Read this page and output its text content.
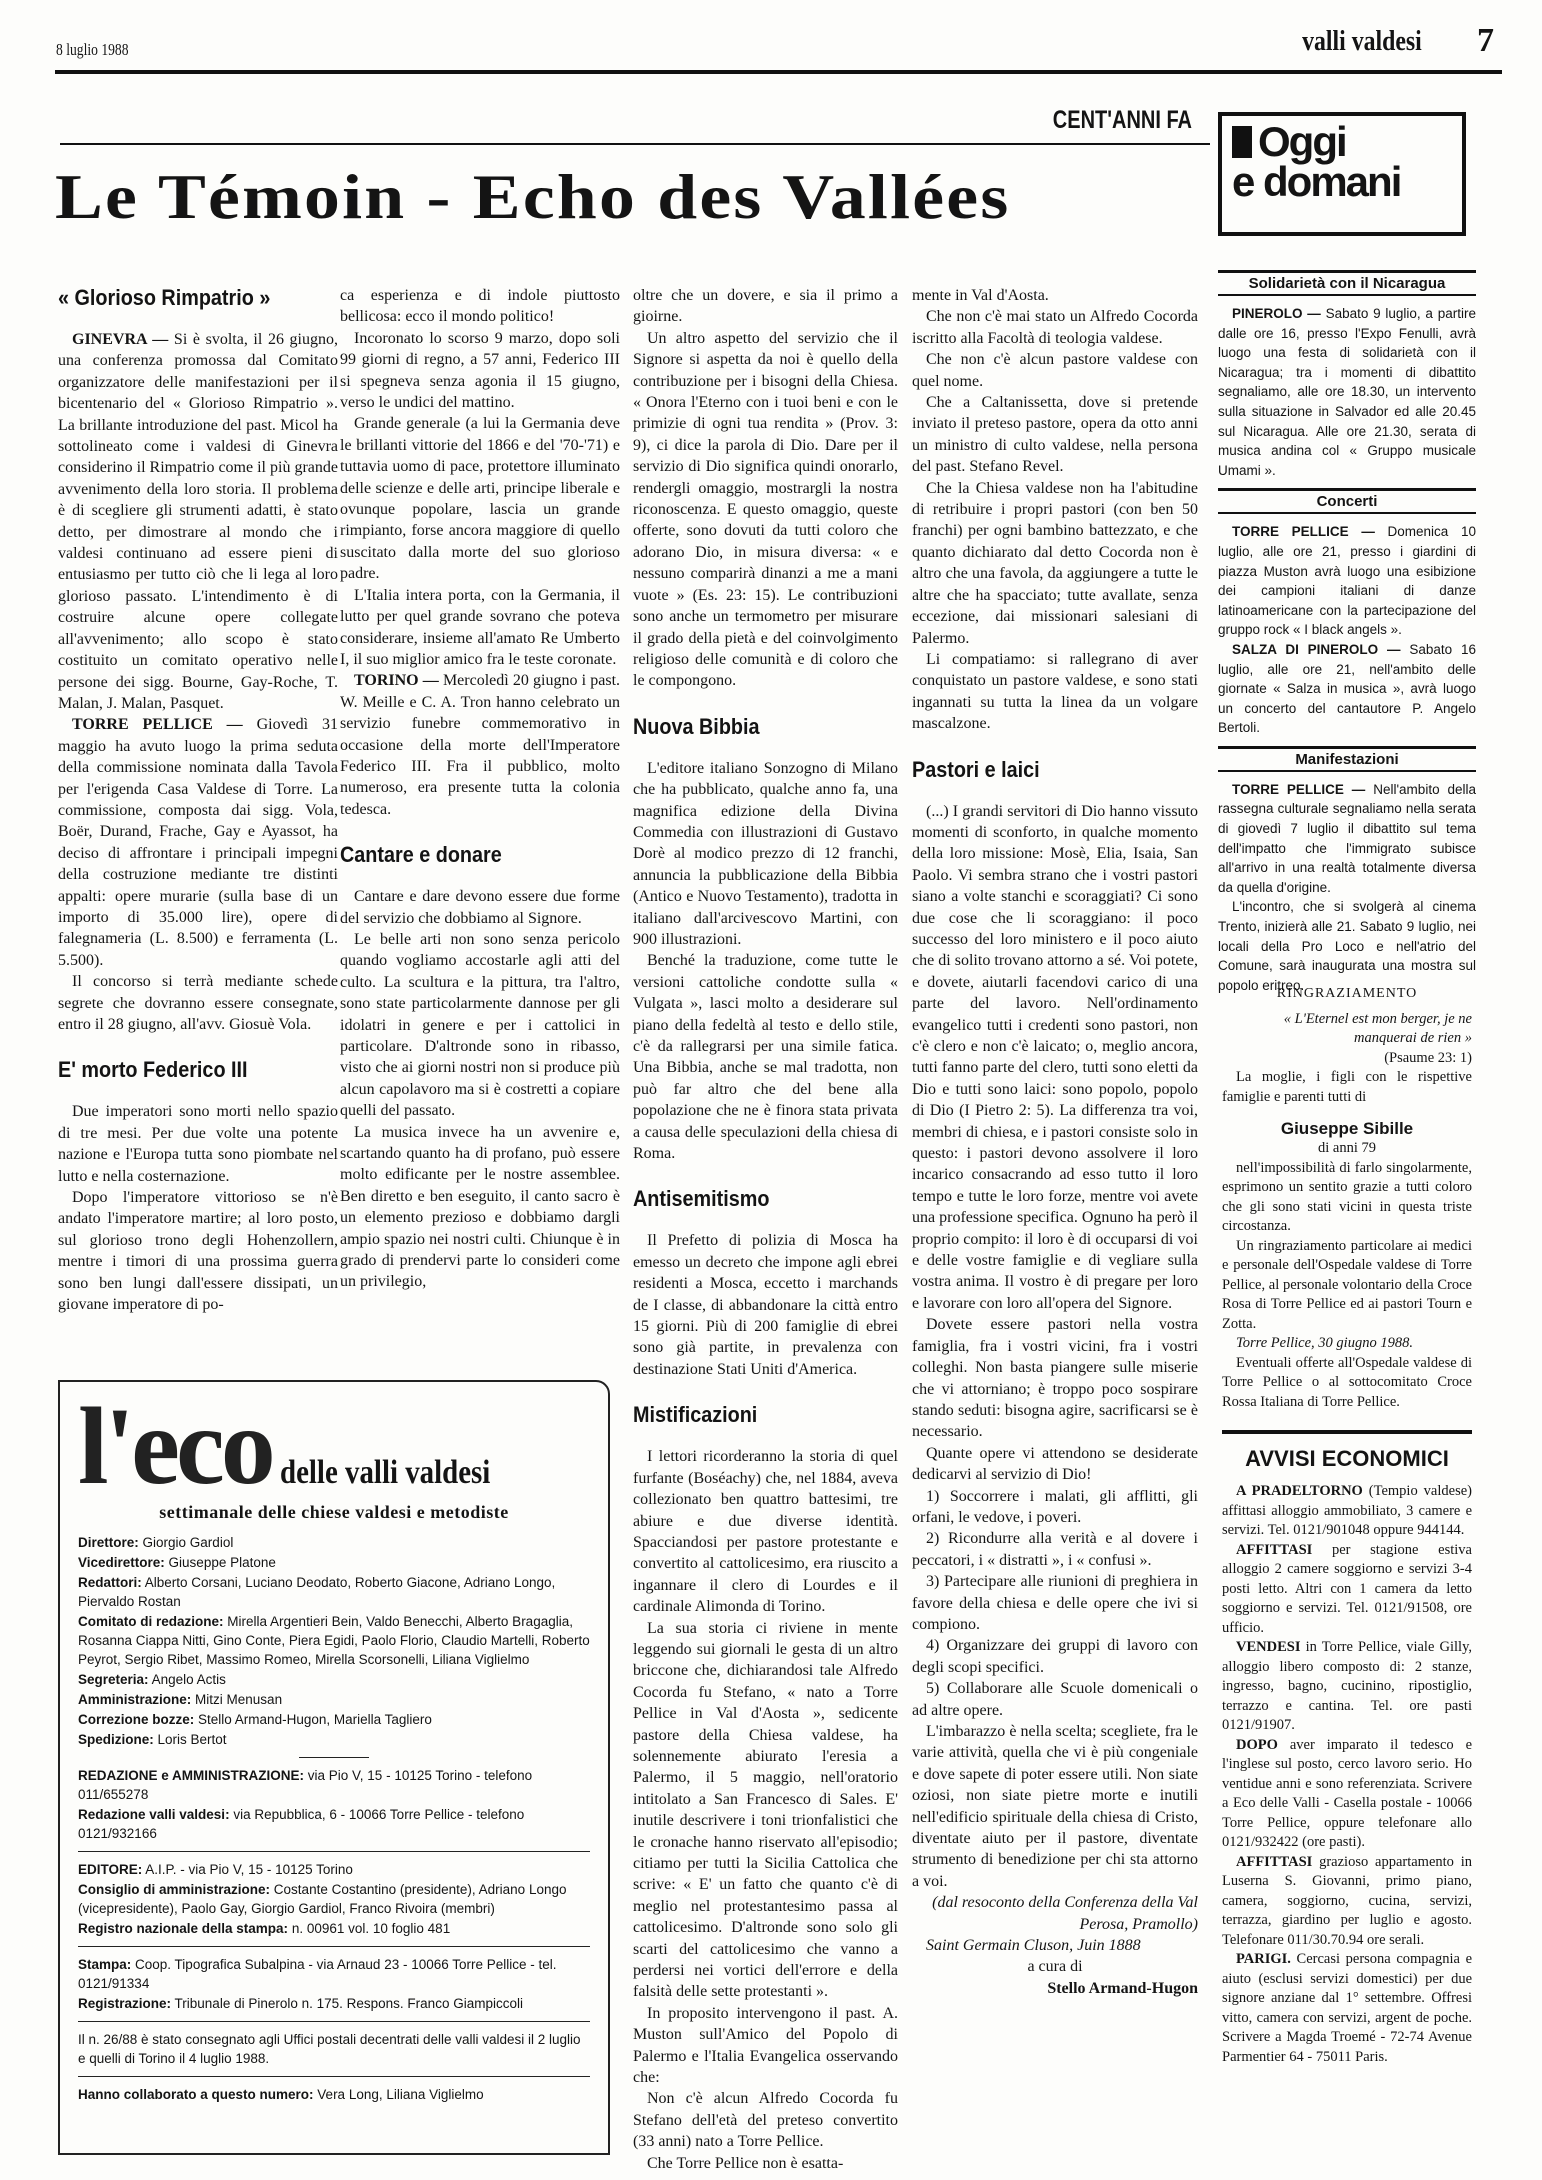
8 luglio 1988	valli valdesi 7
CENT'ANNI FA
Le Témoin - Echo des Vallées
Oggi
e domani
« Glorioso Rimpatrio »

GINEVRA — Si è svolta, il 26 giugno, una conferenza promossa dal Comitato organizzatore delle manifestazioni per il bicentenario del « Glorioso Rimpatrio ». La brillante introduzione del past. Micol ha sottolineato come i valdesi di Ginevra considerino il Rimpatrio come il più grande avvenimento della loro storia. Il problema è di scegliere gli strumenti adatti, è stato detto, per dimostrare al mondo che i valdesi continuano ad essere pieni di entusiasmo per tutto ciò che li lega al loro glorioso passato. L'intendimento è di costruire alcune opere collegate all'avvenimento; allo scopo è stato costituito un comitato operativo nelle persone dei sigg. Bourne, Gay-Roche, T. Malan, J. Malan, Pasquet.

TORRE PELLICE — Giovedì 31 maggio ha avuto luogo la prima seduta della commissione nominata dalla Tavola per l'erigenda Casa Valdese di Torre. La commissione, composta dai sigg. Vola, Boër, Durand, Frache, Gay e Ayassot, ha deciso di affrontare i principali impegni della costruzione mediante tre distinti appalti: opere murarie (sulla base di un importo di 35.000 lire), opere di falegnameria (L. 8.500) e ferramenta (L. 5.500).

Il concorso si terrà mediante schede segrete che dovranno essere consegnate, entro il 28 giugno, all'avv. Giosuè Vola.

E' morto Federico III

Due imperatori sono morti nello spazio di tre mesi. Per due volte una potente nazione e l'Europa tutta sono piombate nel lutto e nella costernazione.

Dopo l'imperatore vittorioso se n'è andato l'imperatore martire; al loro posto, sul glorioso trono degli Hohenzollern, mentre i timori di una prossima guerra sono ben lungi dall'essere dissipati, un giovane imperatore di po-

ca esperienza e di indole piuttosto bellicosa: ecco il mondo politico!

Incoronato lo scorso 9 marzo, dopo soli 99 giorni di regno, a 57 anni, Federico III si spegneva senza agonia il 15 giugno, verso le undici del mattino.

Grande generale (a lui la Germania deve le brillanti vittorie del 1866 e del '70-'71) e tuttavia uomo di pace, protettore illuminato delle scienze e delle arti, principe liberale e ovunque popolare, lascia un grande rimpianto, forse ancora maggiore di quello suscitato dalla morte del suo glorioso padre.

L'Italia intera porta, con la Germania, il lutto per quel grande sovrano che poteva considerare, insieme all'amato Re Umberto I, il suo miglior amico fra le teste coronate.

TORINO — Mercoledì 20 giugno i past. W. Meille e C. A. Tron hanno celebrato un servizio funebre commemorativo in occasione della morte dell'Imperatore Federico III. Fra il pubblico, molto numeroso, era presente tutta la colonia tedesca.

Cantare e donare

Cantare e dare devono essere due forme del servizio che dobbiamo al Signore.

Le belle arti non sono senza pericolo quando vogliamo accostarle agli atti del culto. La scultura e la pittura, tra l'altro, sono state particolarmente dannose per gli idolatri in genere e per i cattolici in particolare. D'altronde sono in ribasso, visto che ai giorni nostri non si produce più alcun capolavoro ma si è costretti a copiare quelli del passato.

La musica invece ha un avvenire e, scartando quanto ha di profano, può essere molto edificante per le nostre assemblee. Ben diretto e ben eseguito, il canto sacro è un elemento prezioso e dobbiamo dargli ampio spazio nei nostri culti. Chiunque è in grado di prendervi parte lo consideri come un privilegio,

oltre che un dovere, e sia il primo a gioirne.

Un altro aspetto del servizio che il Signore si aspetta da noi è quello della contribuzione per i bisogni della Chiesa. « Onora l'Eterno con i tuoi beni e con le primizie di ogni tua rendita » (Prov. 3: 9), ci dice la parola di Dio. Dare per il servizio di Dio significa quindi onorarlo, rendergli omaggio, mostrargli la nostra riconoscenza. E questo omaggio, queste offerte, sono dovuti da tutti coloro che adorano Dio, in misura diversa: « e nessuno comparirà dinanzi a me a mani vuote » (Es. 23: 15). Le contribuzioni sono anche un termometro per misurare il grado della pietà e del coinvolgimento religioso delle comunità e di coloro che le compongono.

Nuova Bibbia

L'editore italiano Sonzogno di Milano che ha pubblicato, qualche anno fa, una magnifica edizione della Divina Commedia con illustrazioni di Gustavo Dorè al modico prezzo di 12 franchi, annuncia la pubblicazione della Bibbia (Antico e Nuovo Testamento), tradotta in italiano dall'arcivescovo Martini, con 900 illustrazioni.

Benché la traduzione, come tutte le versioni cattoliche condotte sulla « Vulgata », lasci molto a desiderare sul piano della fedeltà al testo e dello stile, c'è da rallegrarsi per una simile fatica. Una Bibbia, anche se mal tradotta, non può far altro che del bene alla popolazione che ne è finora stata privata a causa delle speculazioni della chiesa di Roma.

Antisemitismo

Il Prefetto di polizia di Mosca ha emesso un decreto che impone agli ebrei residenti a Mosca, eccetto i marchands de I classe, di abbandonare la città entro 15 giorni. Più di 200 famiglie di ebrei sono già partite, in prevalenza con destinazione Stati Uniti d'America.

Mistificazioni

I lettori ricorderanno la storia di quel furfante (Boséachy) che, nel 1884, aveva collezionato ben quattro battesimi, tre abiure e due diverse identità. Spacciandosi per pastore protestante e convertito al cattolicesimo, era riuscito a ingannare il clero di Lourdes e il cardinale Alimonda di Torino.

La sua storia ci riviene in mente leggendo sui giornali le gesta di un altro briccone che, dichiarandosi tale Alfredo Cocorda fu Stefano, « nato a Torre Pellice in Val d'Aosta », sedicente pastore della Chiesa valdese, ha solennemente abiurato l'eresia a Palermo, il 5 maggio, nell'oratorio intitolato a San Francesco di Sales. E' inutile descrivere i toni trionfalistici che le cronache hanno riservato all'episodio; citiamo per tutti la Sicilia Cattolica che scrive: « E' un fatto che quanto c'è di meglio nel protestantesimo passa al cattolicesimo. D'altronde sono solo gli scarti del cattolicesimo che vanno a perdersi nei vortici dell'errore e della falsità delle sette protestanti ».

In proposito intervengono il past. A. Muston sull'Amico del Popolo di Palermo e l'Italia Evangelica osservando che:

Non c'è alcun Alfredo Cocorda fu Stefano dell'età del preteso convertito (33 anni) nato a Torre Pellice.

Che Torre Pellice non è esatta-

mente in Val d'Aosta.

Che non c'è mai stato un Alfredo Cocorda iscritto alla Facoltà di teologia valdese.

Che non c'è alcun pastore valdese con quel nome.

Che a Caltanissetta, dove si pretende inviato il preteso pastore, opera da otto anni un ministro di culto valdese, nella persona del past. Stefano Revel.

Che la Chiesa valdese non ha l'abitudine di retribuire i propri pastori (con ben 50 franchi) per ogni bambino battezzato, e che quanto dichiarato dal detto Cocorda non è altro che una favola, da aggiungere a tutte le altre che ha spacciato; tutte avallate, senza eccezione, dai missionari salesiani di Palermo.

Li compatiamo: si rallegrano di aver conquistato un pastore valdese, e sono stati ingannati su tutta la linea da un volgare mascalzone.

Pastori e laici

(...) I grandi servitori di Dio hanno vissuto momenti di sconforto, in qualche momento della loro missione: Mosè, Elia, Isaia, San Paolo. Vi sembra strano che i vostri pastori siano a volte stanchi e scoraggiati? Ci sono due cose che li scoraggiano: il poco successo del loro ministero e il poco aiuto che di solito trovano attorno a sé. Voi potete, e dovete, aiutarli facendovi carico di una parte del lavoro. Nell'ordinamento evangelico tutti i credenti sono pastori, non c'è clero e non c'è laicato; o, meglio ancora, tutti fanno parte del clero, tutti sono eletti da Dio e tutti sono laici: sono popolo, popolo di Dio (I Pietro 2: 5). La differenza tra voi, membri di chiesa, e i pastori consiste solo in questo: i pastori devono assolvere il loro incarico consacrando ad esso tutto il loro tempo e tutte le loro forze, mentre voi avete una professione specifica. Ognuno ha però il proprio compito: il loro è di occuparsi di voi e delle vostre famiglie e di vegliare sulla vostra anima. Il vostro è di pregare per loro e lavorare con loro all'opera del Signore.

Dovete essere pastori nella vostra famiglia, fra i vostri vicini, fra i vostri colleghi. Non basta piangere sulle miserie che vi attorniano; è troppo poco sospirare stando seduti: bisogna agire, sacrificarsi se è necessario.

Quante opere vi attendono se desiderate dedicarvi al servizio di Dio!

1) Soccorrere i malati, gli afflitti, gli orfani, le vedove, i poveri.

2) Ricondurre alla verità e al dovere i peccatori, i « distratti », i « confusi ».

3) Partecipare alle riunioni di preghiera in favore della chiesa e delle opere che ivi si compiono.

4) Organizzare dei gruppi di lavoro con degli scopi specifici.

5) Collaborare alle Scuole domenicali o ad altre opere.

L'imbarazzo è nella scelta; scegliete, fra le varie attività, quella che vi è più congeniale e dove sapete di poter essere utili. Non siate oziosi, non siate pietre morte e inutili nell'edificio spirituale della chiesa di Cristo, diventate aiuto per il pastore, diventate strumento di benedizione per chi sta attorno a voi.

(dal resoconto della Conferenza della Val Perosa, Pramollo)

Saint Germain Cluson, Juin 1888

a cura di

Stello Armand-Hugon

Solidarietà con il Nicaragua

PINEROLO — Sabato 9 luglio, a partire dalle ore 16, presso l'Expo Fenulli, avrà luogo una festa di solidarietà con il Nicaragua; tra i momenti di dibattito segnaliamo, alle ore 18.30, un intervento sulla situazione in Salvador ed alle 20.45 sul Nicaragua. Alle ore 21.30, serata di musica andina col « Gruppo musicale Umami ».

Concerti

TORRE PELLICE — Domenica 10 luglio, alle ore 21, presso i giardini di piazza Muston avrà luogo una esibizione dei campioni italiani di danze latinoamericane con la partecipazione del gruppo rock « I black angels ».

SALZA DI PINEROLO — Sabato 16 luglio, alle ore 21, nell'ambito delle giornate « Salza in musica », avrà luogo un concerto del cantautore P. Angelo Bertoli.

Manifestazioni

TORRE PELLICE — Nell'ambito della rassegna culturale segnaliamo nella serata di giovedì 7 luglio il dibattito sul tema dell'impatto che l'immigrato subisce all'arrivo in una realtà totalmente diversa da quella d'origine.

L'incontro, che si svolgerà al cinema Trento, inizierà alle 21. Sabato 9 luglio, nei locali della Pro Loco e nell'atrio del Comune, sarà inaugurata una mostra sul popolo eritreo.

RINGRAZIAMENTO

« L'Eternel est mon berger, je ne manquerai de rien »

(Psaume 23: 1)

La moglie, i figli con le rispettive famiglie e parenti tutti di

Giuseppe Sibille

di anni 79

nell'impossibilità di farlo singolarmente, esprimono un sentito grazie a tutti coloro che gli sono stati vicini in questa triste circostanza.

Un ringraziamento particolare ai medici e personale dell'Ospedale valdese di Torre Pellice, al personale volontario della Croce Rosa di Torre Pellice ed ai pastori Tourn e Zotta.

Torre Pellice, 30 giugno 1988.

Eventuali offerte all'Ospedale valdese di Torre Pellice o al sottocomitato Croce Rossa Italiana di Torre Pellice.

AVVISI ECONOMICI

A PRADELTORNO (Tempio valdese) affittasi alloggio ammobiliato, 3 camere e servizi. Tel. 0121/901048 oppure 944144.

AFFITTASI per stagione estiva alloggio 2 camere soggiorno e servizi 3-4 posti letto. Altri con 1 camera da letto soggiorno e servizi. Tel. 0121/91508, ore ufficio.

VENDESI in Torre Pellice, viale Gilly, alloggio libero composto di: 2 stanze, ingresso, bagno, cucinino, ripostiglio, terrazzo e cantina. Tel. ore pasti 0121/91907.

DOPO aver imparato il tedesco e l'inglese sul posto, cerco lavoro serio. Ho ventidue anni e sono referenziata. Scrivere a Eco delle Valli - Casella postale - 10066 Torre Pellice, oppure telefonare allo 0121/932422 (ore pasti).

AFFITTASI grazioso appartamento in Luserna S. Giovanni, primo piano, camera, soggiorno, cucina, servizi, terrazza, giardino per luglio e agosto. Telefonare 011/30.70.94 ore serali.

PARIGI. Cercasi persona compagnia e aiuto (esclusi servizi domestici) per due signore anziane dal 1° settembre. Offresi vitto, camera con servizi, argent de poche. Scrivere a Magda Troemé - 72-74 Avenue Parmentier 64 - 75011 Paris.

l'eco delle valli valdesi
settimanale delle chiese valdesi e metodiste
Direttore: Giorgio Gardiol
Vicedirettore: Giuseppe Platone
Redattori: Alberto Corsani, Luciano Deodato, Roberto Giacone, Adriano Longo, Piervaldo Rostan
Comitato di redazione: Mirella Argentieri Bein, Valdo Benecchi, Alberto Bragaglia, Rosanna Ciappa Nitti, Gino Conte, Piera Egidi, Paolo Florio, Claudio Martelli, Roberto Peyrot, Sergio Ribet, Massimo Romeo, Mirella Scorsonelli, Liliana Viglielmo
Segreteria: Angelo Actis
Amministrazione: Mitzi Menusan
Correzione bozze: Stello Armand-Hugon, Mariella Tagliero
Spedizione: Loris Bertot
REDAZIONE e AMMINISTRAZIONE: via Pio V, 15 - 10125 Torino - telefono 011/655278
Redazione valli valdesi: via Repubblica, 6 - 10066 Torre Pellice - telefono 0121/932166
EDITORE: A.I.P. - via Pio V, 15 - 10125 Torino
Consiglio di amministrazione: Costante Costantino (presidente), Adriano Longo (vicepresidente), Paolo Gay, Giorgio Gardiol, Franco Rivoira (membri)
Registro nazionale della stampa: n. 00961 vol. 10 foglio 481
Stampa: Coop. Tipografica Subalpina - via Arnaud 23 - 10066 Torre Pellice - tel. 0121/91334
Registrazione: Tribunale di Pinerolo n. 175. Respons. Franco Giampiccoli
Il n. 26/88 è stato consegnato agli Uffici postali decentrati delle valli valdesi il 2 luglio e quelli di Torino il 4 luglio 1988.
Hanno collaborato a questo numero: Vera Long, Liliana Viglielmo
